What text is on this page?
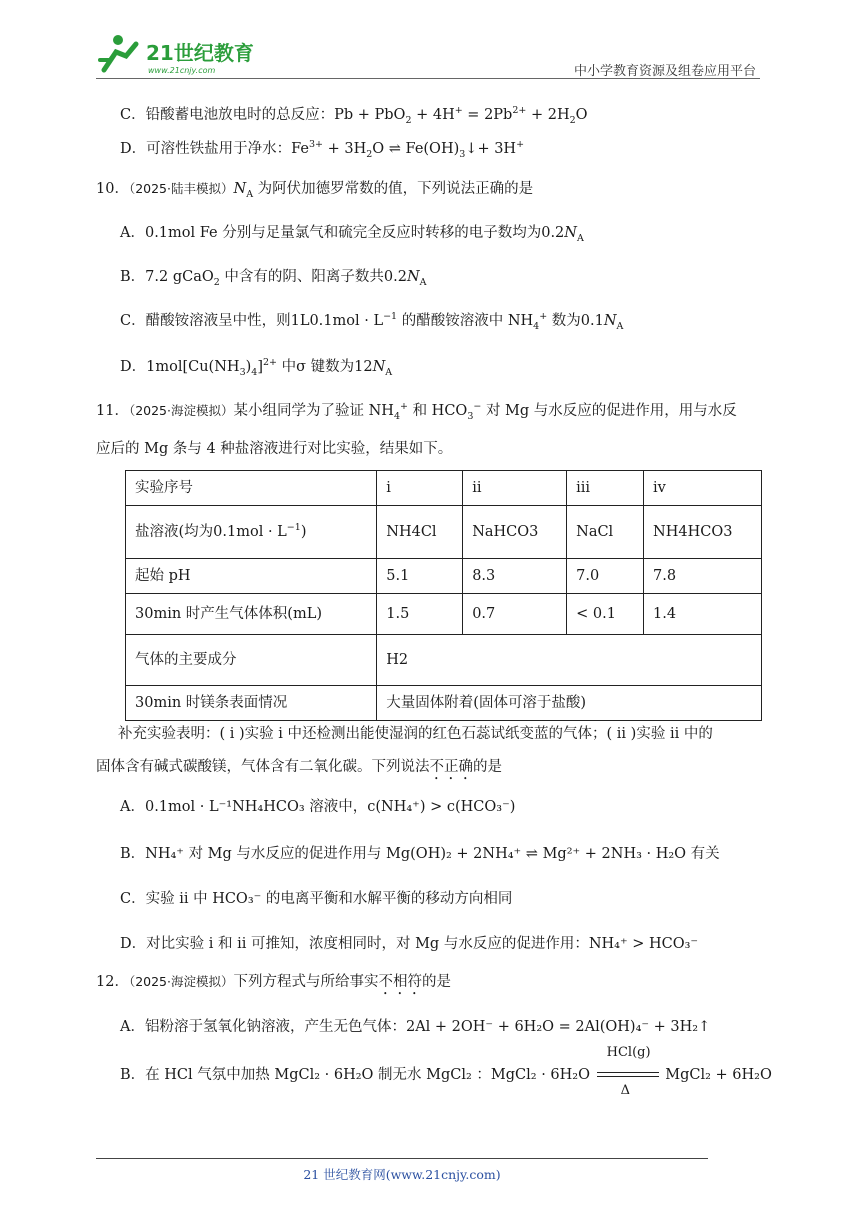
21世纪教育
www.21cnjy.com	中小学教育资源及组卷应用平台
C．铅酸蓄电池放电时的总反应：$Pb + PbO_2 + 4H^+ = 2Pb^{2+} + 2H_2O$
D．可溶性铁盐用于净水：$Fe^{3+} + 3H_2O$ ⇌ $Fe(OH)_3↓+ 3H^+$
10．（2025·陆丰模拟）$N_A$ 为阿伏加德罗常数的值，下列说法正确的是
A．0.1mol Fe 分别与足量氯气和硫完全反应时转移的电子数均为$0.2N_A$
B．7.2 gCaO$_2$ 中含有的阴、阳离子数共$0.2N_A$
C．醋酸铵溶液呈中性，则$1L0.1mol \cdot L^{-1}$ 的醋酸铵溶液中 $NH_4^+$ 数为$0.1N_A$
D．$1mol[Cu(NH_3)_4]^{2+}$ 中σ 键数为$12N_A$
11．（2025·海淀模拟）某小组同学为了验证 $NH_4^+$ 和 $HCO_3^-$ 对 Mg 与水反应的促进作用，用与水反
应后的 Mg 条与 4 种盐溶液进行对比实验，结果如下。
实验序号	i	ii	iii	iv
盐溶液(均为$0.1mol \cdot L^{-1}$)	NH4Cl	NaHCO3	NaCl	NH4HCO3
起始 pH	5.1	8.3	7.0	7.8
30min 时产生气体体积(mL)	1.5	0.7	< 0.1	1.4
气体的主要成分	H2			
30min 时镁条表面情况	大量固体附着(固体可溶于盐酸)			
补充实验表明：( i )实验 i 中还检测出能使湿润的红色石蕊试纸变蓝的气体；( ii )实验 ii 中的
固体含有碱式碳酸镁，气体含有二氧化碳。下列说法不正确的是
A．0.1mol · L⁻¹NH₄HCO₃ 溶液中，c(NH₄⁺) > c(HCO₃⁻)
B．NH₄⁺ 对 Mg 与水反应的促进作用与 Mg(OH)₂ + 2NH₄⁺ ⇌ Mg²⁺ + 2NH₃ · H₂O 有关
C．实验 ii 中 HCO₃⁻ 的电离平衡和水解平衡的移动方向相同
D．对比实验 i 和 ii 可推知，浓度相同时，对 Mg 与水反应的促进作用：NH₄⁺ > HCO₃⁻
12．（2025·海淀模拟）下列方程式与所给事实不相符的是
A．铝粉溶于氢氧化钠溶液，产生无色气体：2Al + 2OH⁻ + 6H₂O = 2Al(OH)₄⁻ + 3H₂↑
B．在 HCl 气氛中加热 MgCl₂ · 6H₂O 制无水 MgCl₂ ：MgCl₂ · 6H₂O
HCl(g)
Δ
MgCl₂ + 6H₂O
21 世纪教育网(www.21cnjy.com)
